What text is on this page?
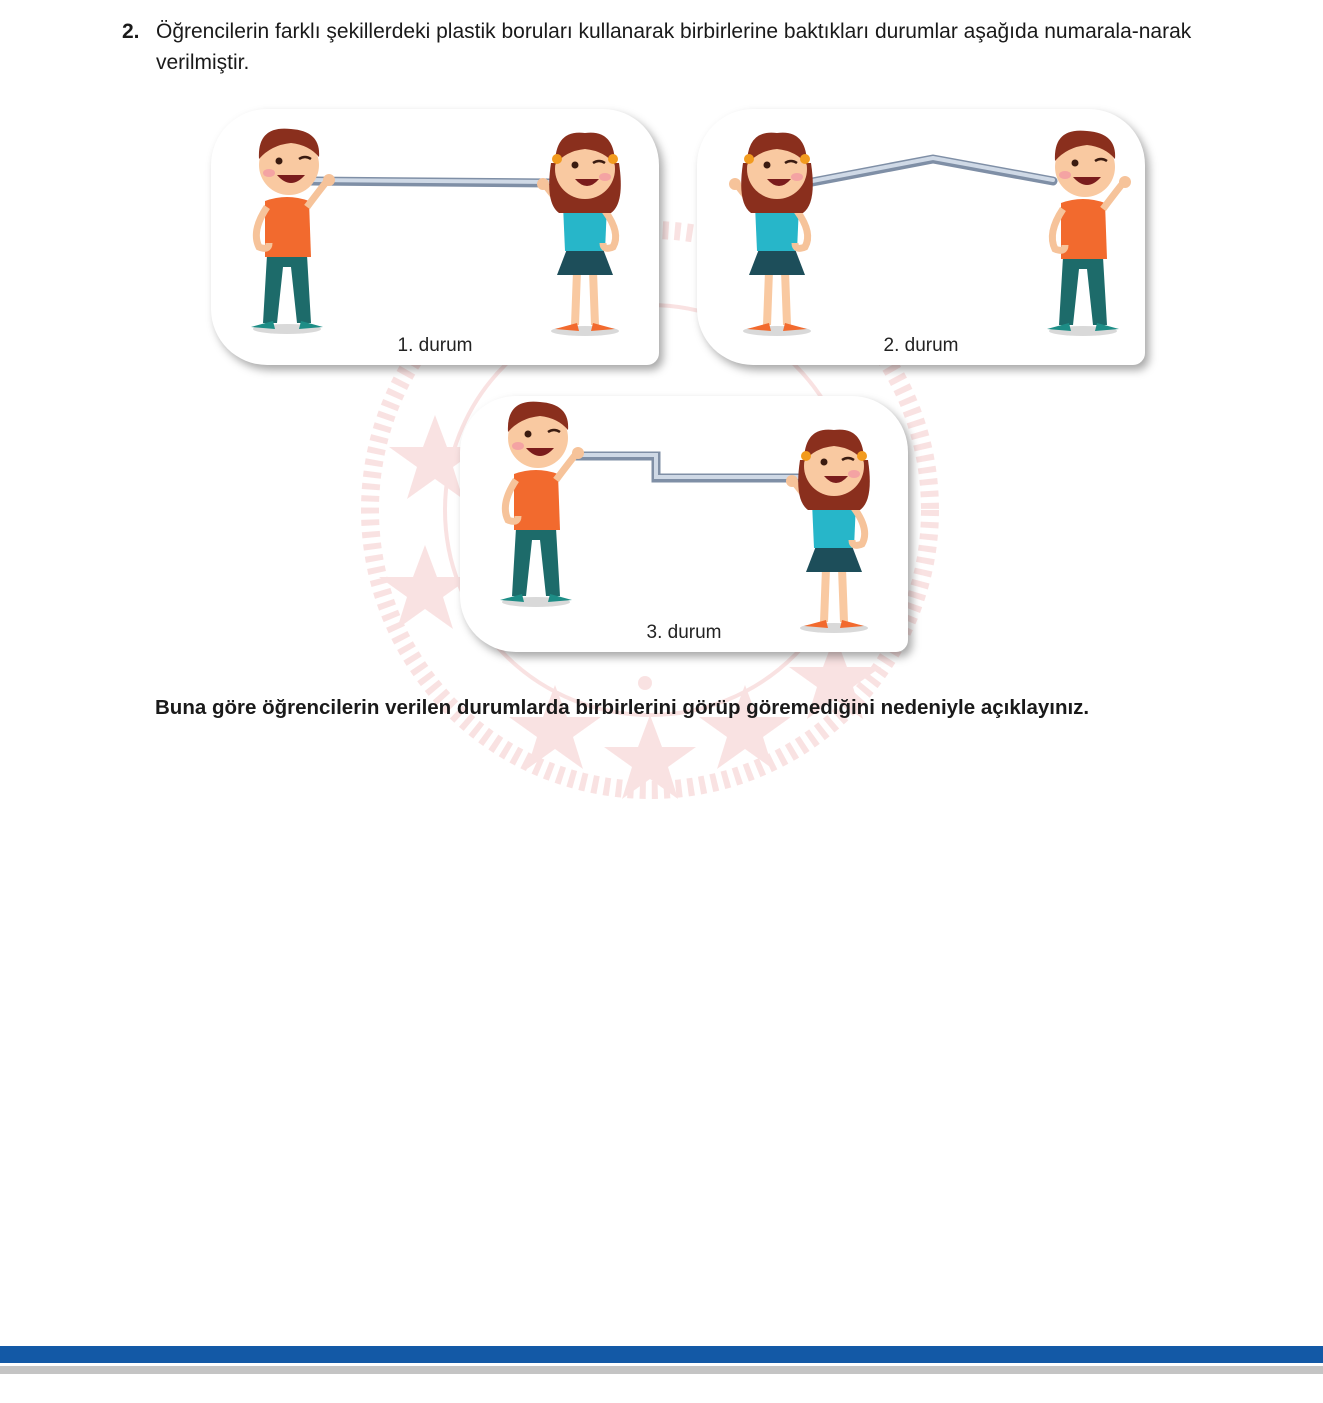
2. Öğrencilerin farklı şekillerdeki plastik boruları kullanarak birbirlerine baktıkları durumlar aşağıda numarala-narak verilmiştir.
1. durum	2. durum
3. durum
Buna göre öğrencilerin verilen durumlarda birbirlerini görüp göremediğini nedeniyle açıklayınız.
